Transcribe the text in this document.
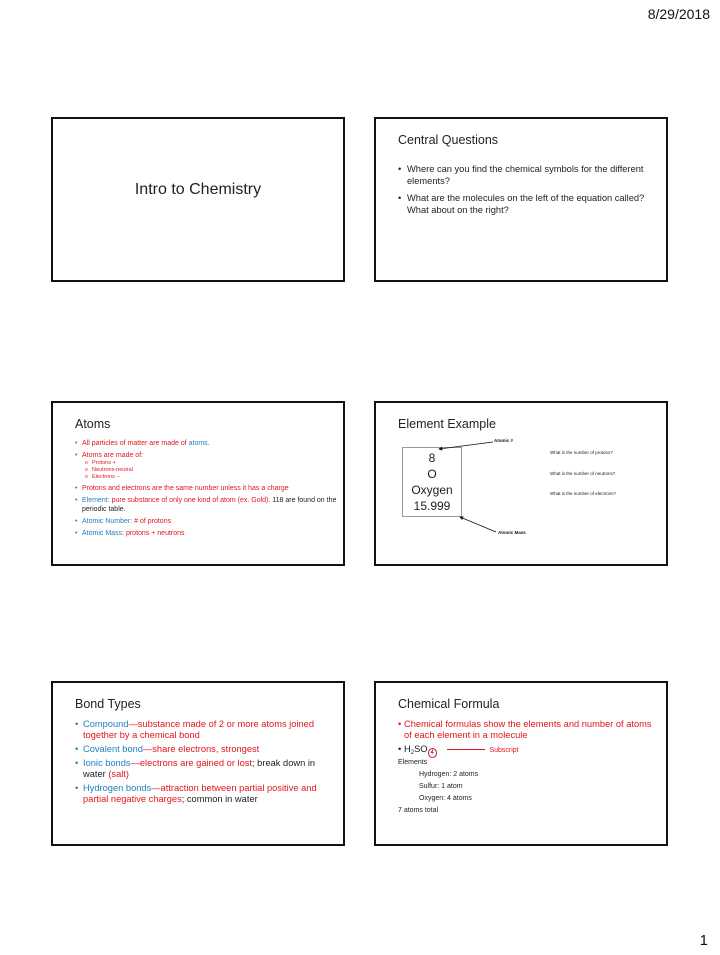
8/29/2018
Intro to Chemistry
Central Questions
• Where can you find the chemical symbols for the different elements?
• What are the molecules on the left of the equation called? What about on the right?
Atoms
• All particles of matter are made of atoms.
• Atoms are made of:
o Protons +
o Neutrons-neutral
o Electrons –
• Protons and electrons are the same number unless it has a charge
• Element: pure substance of only one kind of atom (ex. Gold). 118 are found on the periodic table.
• Atomic Number: # of protons
• Atomic Mass: protons + neutrons
Element Example
8
O
Oxygen
15.999
Atomic #
Atomic Mass
What is the number of protons?
What is the number of neutrons?
What is the number of electrons?
Bond Types
• Compound—substance made of 2 or more atoms joined together by a chemical bond
• Covalent bond—share electrons, strongest
• Ionic bonds—electrons are gained or lost; break down in water (salt)
• Hydrogen bonds—attraction between partial positive and partial negative charges; common in water
Chemical Formula
• Chemical formulas show the elements and number of atoms of each element in a molecule
• $H_2SO$ 4	Subscript
Elements
Hydrogen: 2 atoms
Sulfur: 1 atom
Oxygen: 4 atoms
7 atoms total
1
